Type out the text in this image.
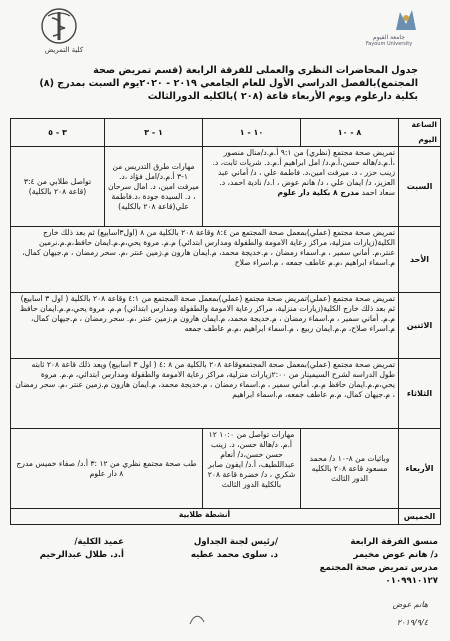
كلية التمريض
جامعة الفيوم
Fayoum University
جدول المحاضرات النظرى والعملى للفرقة الرابعة (قسم تمريض صحة المجتمع)بالفصل الدراسي الأول للعام الجامعي ٢٠١٩ - ٢٠٢٠يوم السبت بمدرج (٨) بكلية دارعلوم ويوم الأربعاء قاعة (٢٠٨ )بالكليه الدورالثالث
الساعة
اليوم	٨ - ١٠	١٠ - ١	١ - ٣	٣ - ٥
السبت	تمريض صحة مجتمع (نظري) من ٩:١ أ.م.د/منال منصور ،أ.م.د/هاله حسن،أ.م.د/ امل ابراهيم أ.م.د. شريات ثابت، د. زينب حزر ، د. ميرفت امين،د. فاطمة علي ، د/ أماني عبد العزيز، د/ ايمان علي ، د/ هانم عوض ، ا.د/ نادية احمد، د. سعاد احمد مدرج ٨ بكلية دار علوم		مهارات طرق التدريس من ١-٣ أ.م.د/امل فؤاد ،د. ميرفت امين، د. امال سرحان ، د. السيدة جودة ،د.فاطمة علي(قاعة ٢٠٨ بالكليه)	تواصل طلابي من ٣:٤ (قاعة ٢٠٨ بالكلية)
الأحد	تمريض صحة مجتمع (عملي)بمعمل صحة المجتمع من ٨:٤ وقاعة ٢٠٨ بالكلية من ٨ (اول٣اسابيع) ثم بعد ذلك خارج الكلية(زيارات منزلية، مراكز رعاية الامومة والطفولة ومدارس ابتدائي) م.م. مروة يحي،م.م.ايمان حافظ،م.م.نرمين عنتر،م. أماني سمير ، م.اسماء رمضان ، م.خديجة محمد، م.ايمان هارون م.زمين عنتر ،م. سحر رمضان ، م.جيهان كمال، م.اسماء ابراهيم ،م.م عاطف جمعه ، م.اسراء صلاح			
الاثنين	تمريض صحة مجتمع (عملي)تمريض صحة مجتمع (عملي)بمعمل صحة المجتمع من ٤:١ وقاعة ٢٠٨ بالكلية ( اول ٣ اسابيع) ثم بعد ذلك خارج الكلية(زيارات منزلية، مراكز رعاية الامومة والطفولة ومدارس ابتدائي) م.م. مروة يحي،م.م.ايمان حافظ م.م. أماني سمير ، م.اسماء رمضان ، م.خديجة محمد، م.ايمان هارون م.زمين عنتر ،م. سحر رمضان ، م.جيهان كمال، م.اسراء صلاح، م.م.ايمان ربيع ، م.اسماء ابراهيم ،م.م عاطف جمعه			
الثلاثاء	تمريض صحة مجتمع (عملي)بمعمل صحة المجتمعوقاعة ٢٠٨ بالكلية من ٨ :٤ ( اول ٣ اسابيع) ويعد ذلك قاعة ٢٠٨ ثابته طول الدراسه لشرح السيمينار من ٢:٠٠زيارات منزلية، مراكز رعاية الامومة والطفولة ومدارس ابتدائي، م.م. مروة يحي،م.م.ايمان حافظ م.م. أماني سمير ، م.اسماء رمضان ، م.خديجة محمد، م.ايمان هارون م.زمين عنتر ،م. سحر رمضان ، م.جيهان كمال، م.م عاطف جمعه، م.اسماء ابراهيم			
الأربعاء	وبائيات من ٨-١٠ د/ محمد مسعود قاعة ٢٠٨ بالكليه الدور الثالث	مهارات تواصل من ١٠:٠ ١٢ أ.م. د/هالة حسن، د. زينب حسن حسن،د/ أنعام عبداللطيف، أ.د/ ايفون صابر شكري ، د/ خضرة قاعة ٢٠٨ بالكلية الدور الثالث	طب صحة مجتمع نظري من ١٢ :٣ أ.د/ صفاء خميس مدرج ٨ دار علوم	
الخميس	أنشطة طلابية			
منسق الفرقة الرابعة
د/ هانم عوض مخيمر
مدرس تمريض صحة المجتمع
٠١٠٩٩١٠١٢٧
/رئيس لجنة الجداول
د. سلوى محمد عطيه
عميد الكلية/
أ.د. طلال عبدالرحيم
هانم عوض
٢٠١٩/٩/٤
